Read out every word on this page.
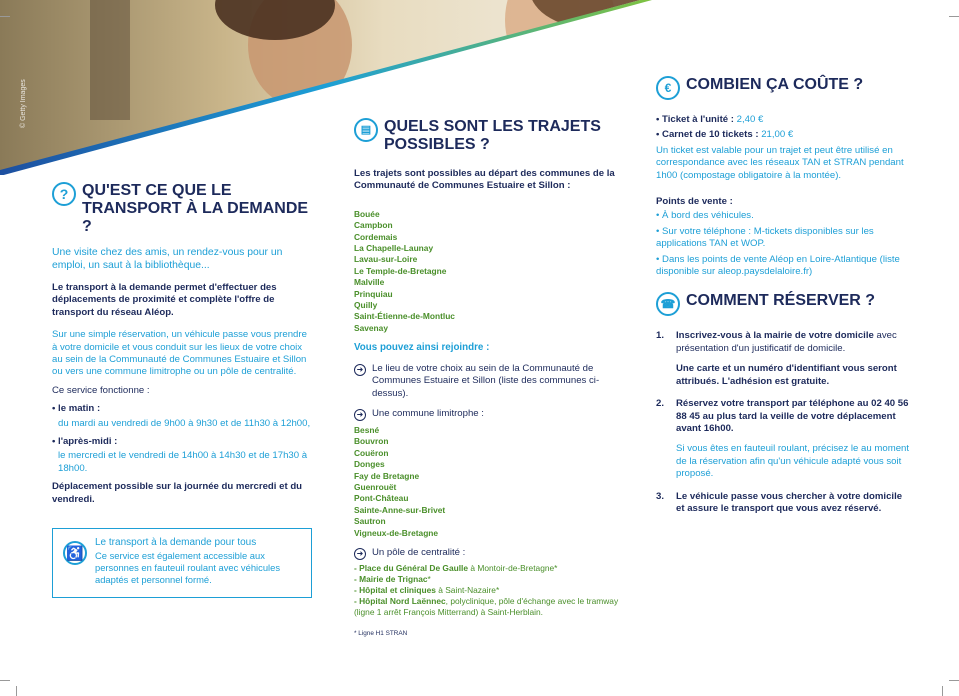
© Getty Images
? QU'EST CE QUE LE TRANSPORT À LA DEMANDE ?

Une visite chez des amis, un rendez-vous pour un emploi, un saut à la bibliothèque...

Le transport à la demande permet d'effectuer des déplacements de proximité et complète l'offre de transport du réseau Aléop.

Sur une simple réservation, un véhicule passe vous prendre à votre domicile et vous conduit sur les lieux de votre choix au sein de la Communauté de Communes Estuaire et Sillon ou vers une commune limitrophe ou un pôle de centralité.

Ce service fonctionne :

• le matin :
du mardi au vendredi de 9h00 à 9h30 et de 11h30 à 12h00,
• l'après-midi :
le mercredi et le vendredi de 14h00 à 14h30 et de 17h30 à 18h00.

Déplacement possible sur la journée du mercredi et du vendredi.

♿
Le transport à la demande pour tous
Ce service est également accessible aux personnes en fauteuil roulant avec véhicules adaptés et personnel formé.
▤ QUELS SONT LES TRAJETS POSSIBLES ?

Les trajets sont possibles au départ des communes de la Communauté de Communes Estuaire et Sillon :

Bouée
Campbon
Cordemais
La Chapelle-Launay
Lavau-sur-Loire
Le Temple-de-Bretagne
Malville
Prinquiau
Quilly
Saint-Étienne-de-Montluc
Savenay
Vous pouvez ainsi rejoindre :
➜ Le lieu de votre choix au sein de la Communauté de Communes Estuaire et Sillon (liste des communes ci-dessus).
➜ Une commune limitrophe :
Besné
Bouvron
Couëron
Donges
Fay de Bretagne
Guenrouët
Pont-Château
Sainte-Anne-sur-Brivet
Sautron
Vigneux-de-Bretagne
➜ Un pôle de centralité :
- Place du Général De Gaulle à Montoir-de-Bretagne*
- Mairie de Trignac*
- Hôpital et cliniques à Saint-Nazaire*
- Hôpital Nord Laënnec, polyclinique, pôle d'échange avec le tramway (ligne 1 arrêt François Mitterrand) à Saint-Herblain.
* Ligne H1 STRAN
€ COMBIEN ÇA COÛTE ?
• Ticket à l'unité : 2,40 €
• Carnet de 10 tickets : 21,00 €

Un ticket est valable pour un trajet et peut être utilisé en correspondance avec les réseaux TAN et STRAN pendant 1h00 (compostage obligatoire à la montée).

Points de vente :
• À bord des véhicules.
• Sur votre téléphone : M-tickets disponibles sur les applications TAN et WOP.
• Dans les points de vente Aléop en Loire-Atlantique (liste disponible sur aleop.paysdelaloire.fr)
☎ COMMENT RÉSERVER ?
1.	Inscrivez-vous à la mairie de votre domicile avec présentation d'un justificatif de domicile.
Une carte et un numéro d'identifiant vous seront attribués. L'adhésion est gratuite.
2.	Réservez votre transport par téléphone au 02 40 56 88 45 au plus tard la veille de votre déplacement avant 16h00.
Si vous êtes en fauteuil roulant, précisez le au moment de la réservation afin qu'un véhicule adapté vous soit proposé.
3.	Le véhicule passe vous chercher à votre domicile et assure le transport que vous avez réservé.
